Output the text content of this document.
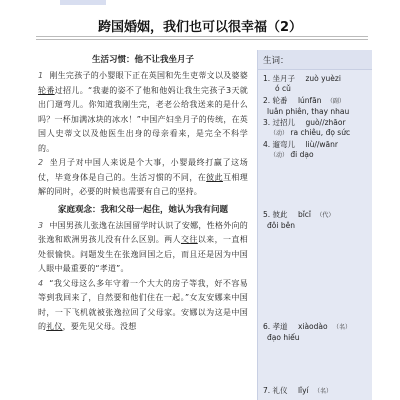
跨国婚姻，我们也可以很幸福（2）
生活习惯：他不让我坐月子

1 刚生完孩子的小婴眼下正在英国和先生吏蒂文以及婆婆轮番过招儿。“我妻的姿不了他和他妈让我生完孩子3天就出门遛弯儿。你知道我刚生完，老老公给我送来的是什么吗？一杯加满冰块的冰水！”中国产妇坐月子的传统，在英国人史蒂文以及他医生出身的母亲看来，是完全不科学的。

2 坐月子对中国人来说是个大事，小婴最终打赢了这场仗，毕竟身体是自己的。生活习惯的不同，在彼此互相理解的同时，必要的时候也需要有自己的坚持。

家庭观念：我和父母一起住，她认为我有问题

3 中国男孩儿张逸在法国留学时认识了安娜，性格外向的张逸和欧洲男孩儿没有什么区别。两人交往以来，一直相处很愉快。问题发生在张逸回国之后，而且还是因为中国人眼中最重要的“孝道”。

4 “我父母这么多年守着一个大大的房子等我，好不容易等到我回来了，自然要和他们住在一起。”女友安娜来中国时，一下飞机就被张逸拉回了父母家。安娜以为这是中国的礼仪，要先见父母。没想

生词：
1. 坐月子 zuò yuèzi
ó cǔ
2. 轮番 lúnfān （副）
luân phiên, thay nhau
3. 过招儿 guò//zhāor
（动） ra chiêu, đọ sức
4. 遛弯儿 liù//wānr
（动） đi dạo
5. 彼此 bǐcǐ （代）
đôi bên
6. 孝道 xiàodào （名）
đạo hiếu
7. 礼仪 lǐyí （名）
